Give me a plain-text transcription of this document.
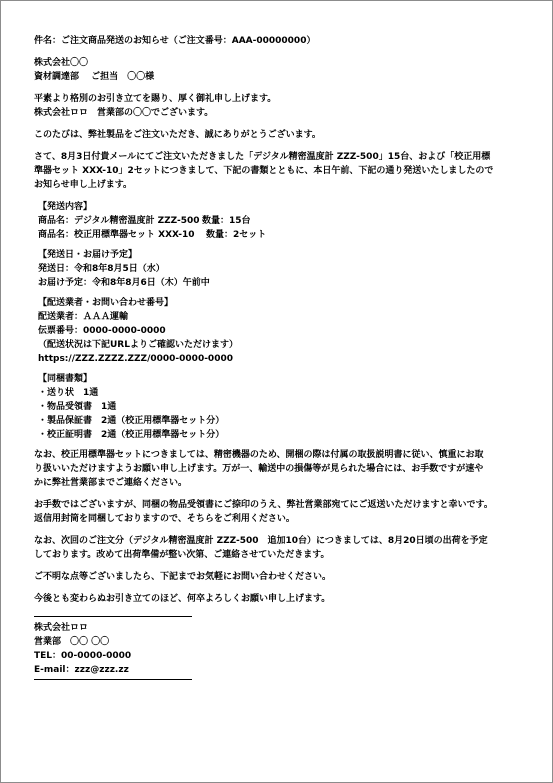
件名：ご注文商品発送のお知らせ（ご注文番号：AAA-00000000）

株式会社〇〇

資材調達部　 ご担当　〇〇様

平素より格別のお引き立てを賜り、厚く御礼申し上げます。

株式会社ロロ　営業部の〇〇でございます。

このたびは、弊社製品をご注文いただき、誠にありがとうございます。

さて、8月3日付貴メールにてご注文いただきました「デジタル精密温度計 ZZZ-500」15台、および「校正用標

準器セット XXX-10」2セットにつきまして、下記の書類とともに、本日午前、下記の通り発送いたしましたので

お知らせ申し上げます。

【発送内容】

商品名：デジタル精密温度計 ZZZ-500 数量：15台

商品名：校正用標準器セット XXX-10 数量：2セット

【発送日・お届け予定】

発送日：令和8年8月5日（水）

お届け予定：令和8年8月6日（木）午前中

【配送業者・お問い合わせ番号】

配送業者：ＡＡＡ運輸

伝票番号：0000-0000-0000

（配送状況は下記URLよりご確認いただけます）

https://ZZZ.ZZZZ.ZZZ/0000-0000-0000

【同梱書類】

・送り状　1通

・物品受領書　1通

・製品保証書　2通（校正用標準器セット分）

・校正証明書　2通（校正用標準器セット分）

なお、校正用標準器セットにつきましては、精密機器のため、開梱の際は付属の取扱説明書に従い、慎重にお取

り扱いいただけますようお願い申し上げます。万が一、輸送中の損傷等が見られた場合には、お手数ですが速や

かに弊社営業部までご連絡ください。

お手数ではございますが、同梱の物品受領書にご捺印のうえ、弊社営業部宛てにご返送いただけますと幸いです。

返信用封筒を同梱しておりますので、そちらをご利用ください。

なお、次回のご注文分（デジタル精密温度計 ZZZ-500　追加10台）につきましては、8月20日頃の出荷を予定

しております。改めて出荷準備が整い次第、ご連絡させていただきます。

ご不明な点等ございましたら、下記までお気軽にお問い合わせください。

今後とも変わらぬお引き立てのほど、何卒よろしくお願い申し上げます。

株式会社ロロ

営業部　〇〇 〇〇

TEL：00-0000-0000

E-mail：zzz@zzz.zz
